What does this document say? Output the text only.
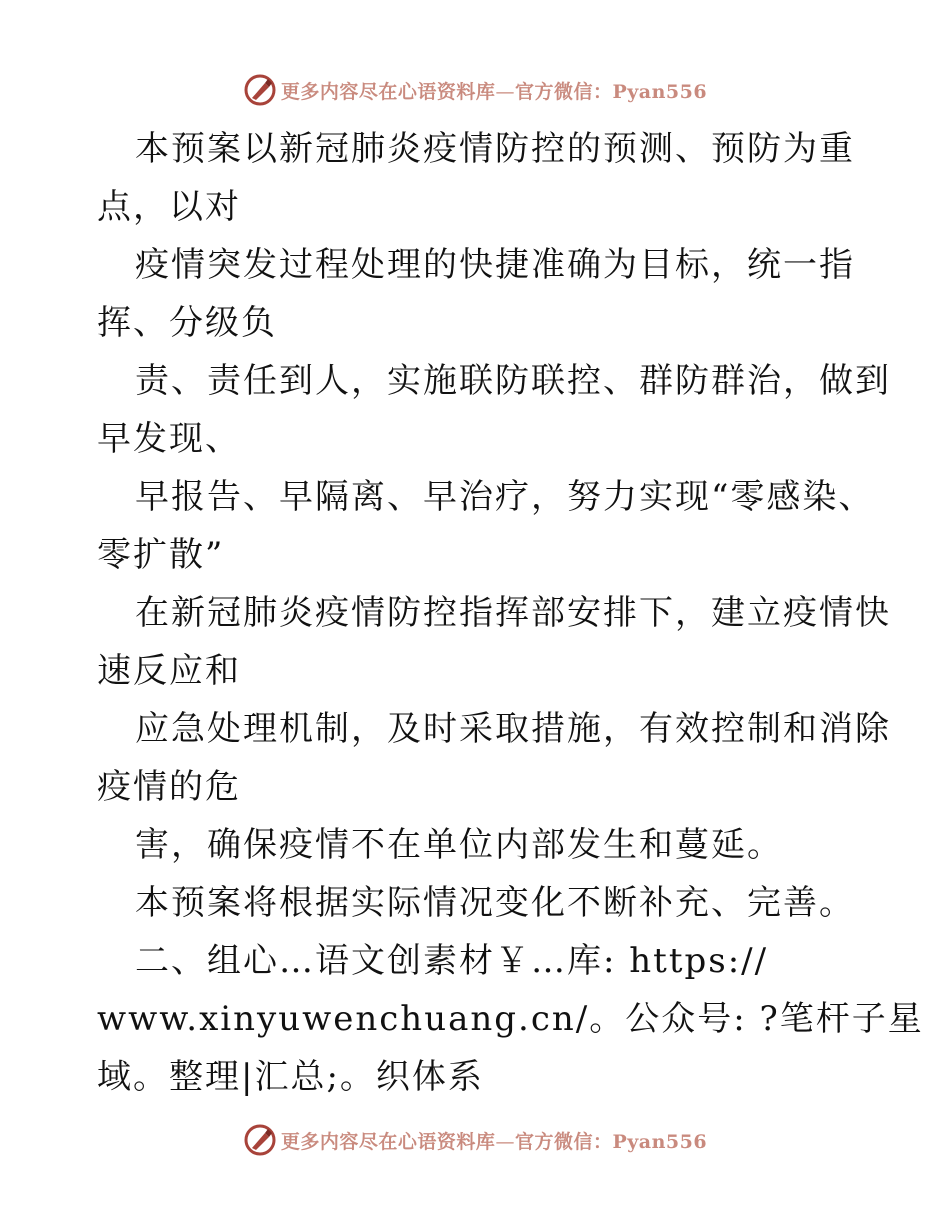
更多内容尽在心语资料库—官方微信：Pyan556

本预案以新冠肺炎疫情防控的预测、预防为重

点，以对

疫情突发过程处理的快捷准确为目标，统一指

挥、分级负

责、责任到人，实施联防联控、群防群治，做到

早发现、

早报告、早隔离、早治疗，努力实现“零感染、

零扩散”

在新冠肺炎疫情防控指挥部安排下，建立疫情快

速反应和

应急处理机制，及时采取措施，有效控制和消除

疫情的危

害，确保疫情不在单位内部发生和蔓延。

本预案将根据实际情况变化不断补充、完善。

二、组心…语文创素材￥…库: https://

www.xinyuwenchuang.cn/。公众号: ?笔杆子星

域。整理|汇总;。织体系

更多内容尽在心语资料库—官方微信：Pyan556
